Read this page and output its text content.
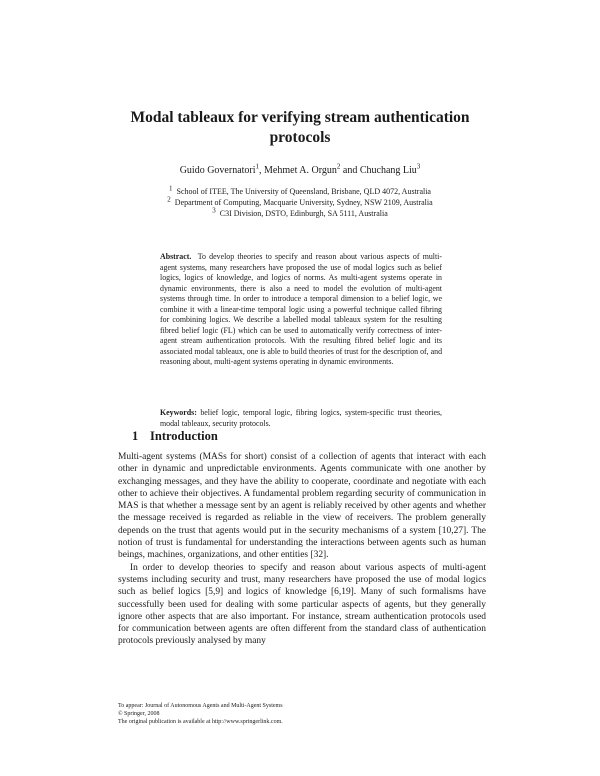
Modal tableaux for verifying stream authentication protocols
Guido Governatori$^1$, Mehmet A. Orgun$^2$ and Chuchang Liu$^3$
$^1$ School of ITEE, The University of Queensland, Brisbane, QLD 4072, Australia
$^2$ Department of Computing, Macquarie University, Sydney, NSW 2109, Australia
$^3$ C3I Division, DSTO, Edinburgh, SA 5111, Australia
Abstract. To develop theories to specify and reason about various aspects of multi-agent systems, many researchers have proposed the use of modal logics such as belief logics, logics of knowledge, and logics of norms. As multi-agent systems operate in dynamic environments, there is also a need to model the evolution of multi-agent systems through time. In order to introduce a temporal dimension to a belief logic, we combine it with a linear-time temporal logic using a powerful technique called fibring for combining logics. We describe a labelled modal tableaux system for the resulting fibred belief logic (FL) which can be used to automatically verify correctness of inter-agent stream authentication protocols. With the resulting fibred belief logic and its associated modal tableaux, one is able to build theories of trust for the description of, and reasoning about, multi-agent systems operating in dynamic environments.
Keywords: belief logic, temporal logic, fibring logics, system-specific trust theories, modal tableaux, security protocols.
1 Introduction

Multi-agent systems (MASs for short) consist of a collection of agents that interact with each other in dynamic and unpredictable environments. Agents communicate with one another by exchanging messages, and they have the ability to cooperate, coordinate and negotiate with each other to achieve their objectives. A fundamental problem regarding security of communication in MAS is that whether a message sent by an agent is reliably received by other agents and whether the message received is regarded as reliable in the view of receivers. The problem generally depends on the trust that agents would put in the security mechanisms of a system [10,27]. The notion of trust is fundamental for understanding the interactions between agents such as human beings, machines, organizations, and other entities [32].

In order to develop theories to specify and reason about various aspects of multi-agent systems including security and trust, many researchers have proposed the use of modal logics such as belief logics [5,9] and logics of knowledge [6,19]. Many of such formalisms have successfully been used for dealing with some particular aspects of agents, but they generally ignore other aspects that are also important. For instance, stream authentication protocols used for communication between agents are often different from the standard class of authentication protocols previously analysed by many

To appear: Journal of Autonomous Agents and Multi-Agent Systems
© Springer, 2008
The original publication is available at http://www.springerlink.com.
